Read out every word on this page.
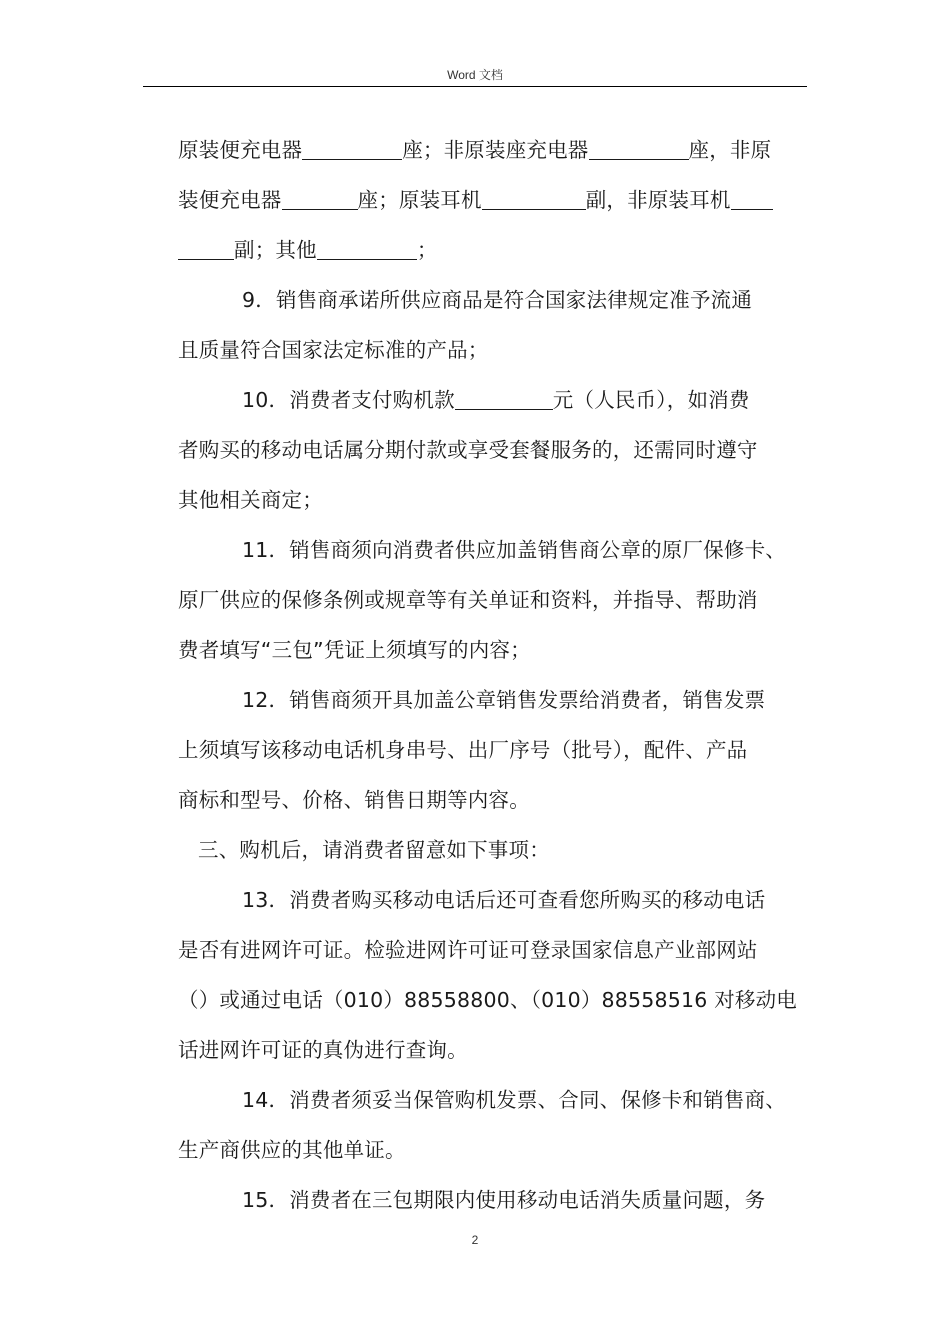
Word 文档
原装便充电器	座；非原装座充电器	座，非原
装便充电器	座；原装耳机	副，非原装耳机
副；其他	；
9．销售商承诺所供应商品是符合国家法律规定准予流通
且质量符合国家法定标准的产品；
10．消费者支付购机款	元（人民币），如消费
者购买的移动电话属分期付款或享受套餐服务的，还需同时遵守
其他相关商定；
11．销售商须向消费者供应加盖销售商公章的原厂保修卡、
原厂供应的保修条例或规章等有关单证和资料，并指导、帮助消
费者填写“三包”凭证上须填写的内容；
12．销售商须开具加盖公章销售发票给消费者，销售发票
上须填写该移动电话机身串号、出厂序号（批号），配件、产品
商标和型号、价格、销售日期等内容。
三、购机后，请消费者留意如下事项：
13．消费者购买移动电话后还可查看您所购买的移动电话
是否有进网许可证。检验进网许可证可登录国家信息产业部网站
（）或通过电话（010）88558800、（010）88558516 对移动电
话进网许可证的真伪进行查询。
14．消费者须妥当保管购机发票、合同、保修卡和销售商、
生产商供应的其他单证。
15．消费者在三包期限内使用移动电话消失质量问题，务
2
